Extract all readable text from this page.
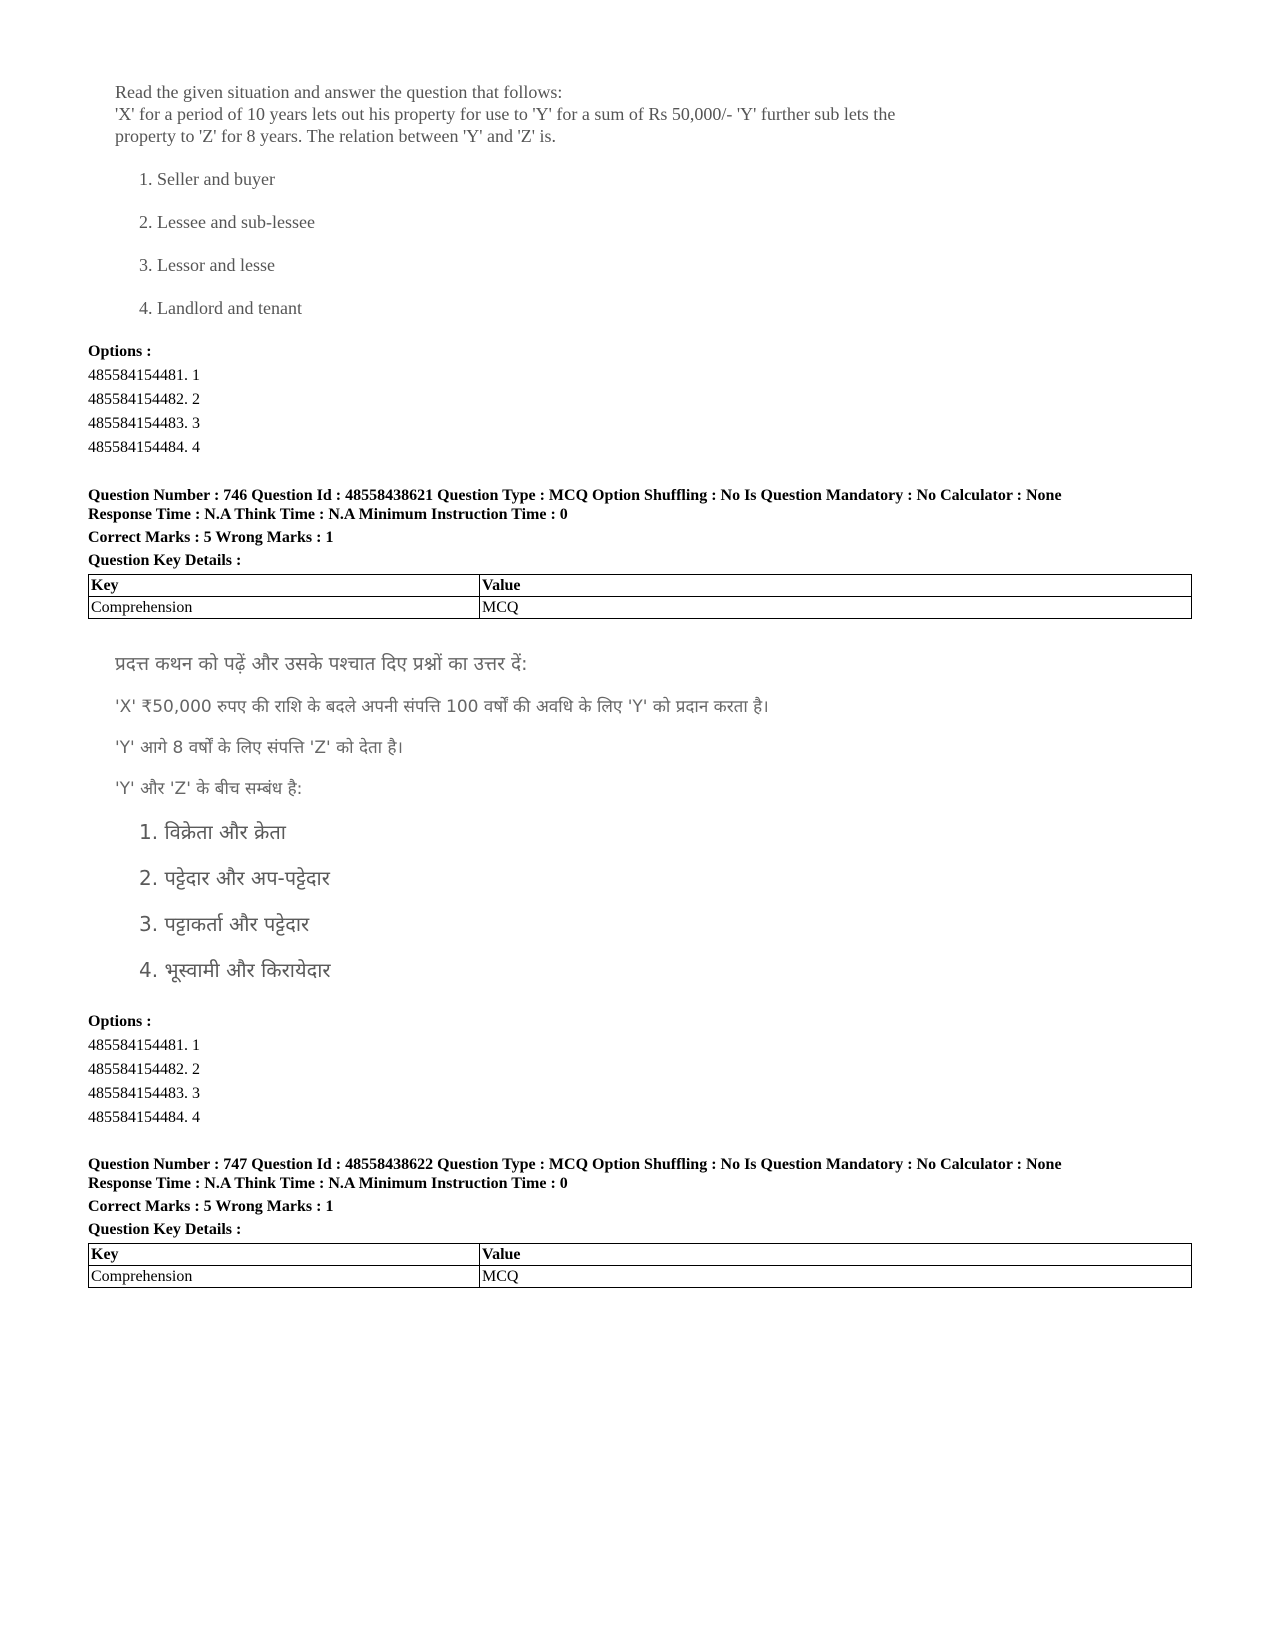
Read the given situation and answer the question that follows:
'X' for a period of 10 years lets out his property for use to 'Y' for a sum of Rs 50,000/- 'Y' further sub lets the
property to 'Z' for 8 years. The relation between 'Y' and 'Z' is.
1. Seller and buyer
2. Lessee and sub-lessee
3. Lessor and lesse
4. Landlord and tenant
Options :
485584154481. 1
485584154482. 2
485584154483. 3
485584154484. 4
Question Number : 746 Question Id : 48558438621 Question Type : MCQ Option Shuffling : No Is Question Mandatory : No Calculator : None
Response Time : N.A Think Time : N.A Minimum Instruction Time : 0
Correct Marks : 5 Wrong Marks : 1
Question Key Details :
Key	Value
Comprehension	MCQ
प्रदत्त कथन को पढ़ें और उसके पश्चात दिए प्रश्नों का उत्तर दें:
'X' ₹50,000 रुपए की राशि के बदले अपनी संपत्ति 100 वर्षों की अवधि के लिए 'Y' को प्रदान करता है।
'Y' आगे 8 वर्षों के लिए संपत्ति 'Z' को देता है।
'Y' और 'Z' के बीच सम्बंध है:
1. विक्रेता और क्रेता
2. पट्टेदार और अप-पट्टेदार
3. पट्टाकर्ता और पट्टेदार
4. भूस्वामी और किरायेदार
Options :
485584154481. 1
485584154482. 2
485584154483. 3
485584154484. 4
Question Number : 747 Question Id : 48558438622 Question Type : MCQ Option Shuffling : No Is Question Mandatory : No Calculator : None
Response Time : N.A Think Time : N.A Minimum Instruction Time : 0
Correct Marks : 5 Wrong Marks : 1
Question Key Details :
Key	Value
Comprehension	MCQ
